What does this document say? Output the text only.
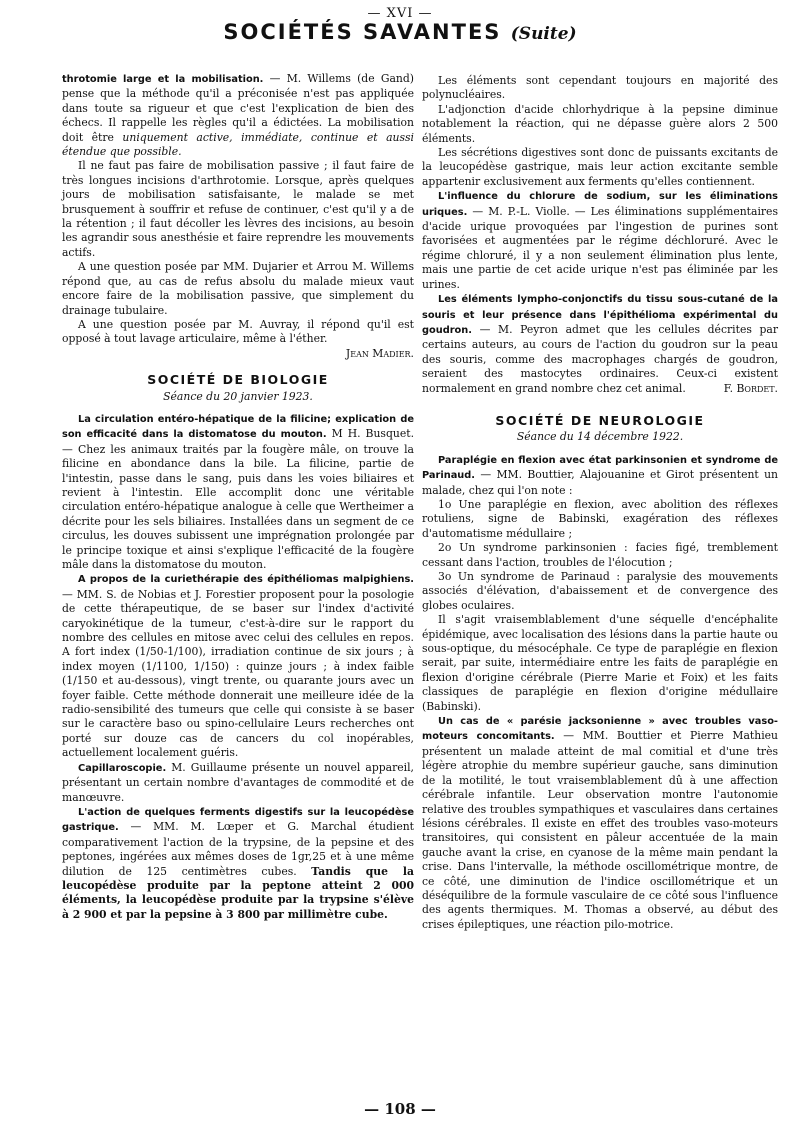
— XVI —
SOCIÉTÉS SAVANTES (Suite)

throtomie large et la mobilisation. — M. Willems (de Gand) pense que la méthode qu'il a préconisée n'est pas appliquée dans toute sa rigueur et que c'est l'explication de bien des échecs. Il rappelle les règles qu'il a édictées. La mobilisation doit être uniquement active, immédiate, continue et aussi étendue que possible.

Il ne faut pas faire de mobilisation passive ; il faut faire de très longues incisions d'arthrotomie. Lorsque, après quelques jours de mobilisation satisfaisante, le malade se met brusquement à souffrir et refuse de continuer, c'est qu'il y a de la rétention ; il faut décoller les lèvres des incisions, au besoin les agrandir sous anesthésie et faire reprendre les mouvements actifs.

A une question posée par MM. Dujarier et Arrou M. Willems répond que, au cas de refus absolu du malade mieux vaut encore faire de la mobilisation passive, que simplement du drainage tubulaire.

A une question posée par M. Auvray, il répond qu'il est opposé à tout lavage articulaire, même à l'éther.

Jean Madier.

SOCIÉTÉ DE BIOLOGIE
Séance du 20 janvier 1923.

La circulation entéro-hépatique de la filicine; explication de son efficacité dans la distomatose du mouton. M H. Busquet. — Chez les animaux traités par la fougère mâle, on trouve la filicine en abondance dans la bile. La filicine, partie de l'intestin, passe dans le sang, puis dans les voies biliaires et revient à l'intestin. Elle accomplit donc une véritable circulation entéro-hépatique analogue à celle que Wertheimer a décrite pour les sels biliaires. Installées dans un segment de ce circulus, les douves subissent une imprégnation prolongée par le principe toxique et ainsi s'explique l'efficacité de la fougère mâle dans la distomatose du mouton.

A propos de la curiethérapie des épithéliomas malpighiens. — MM. S. de Nobias et J. Forestier proposent pour la posologie de cette thérapeutique, de se baser sur l'index d'activité caryokinétique de la tumeur, c'est-à-dire sur le rapport du nombre des cellules en mitose avec celui des cellules en repos. A fort index (1/50-1/100), irradiation continue de six jours ; à index moyen (1/1100, 1/150) : quinze jours ; à index faible (1/150 et au-dessous), vingt trente, ou quarante jours avec un foyer faible. Cette méthode donnerait une meilleure idée de la radio-sensibilité des tumeurs que celle qui consiste à se baser sur le caractère baso ou spino-cellulaire Leurs recherches ont porté sur douze cas de cancers du col inopérables, actuellement localement guéris.

Capillaroscopie. M. Guillaume présente un nouvel appareil, présentant un certain nombre d'avantages de commodité et de manœuvre.

L'action de quelques ferments digestifs sur la leucopédèse gastrique. — MM. M. Lœper et G. Marchal étudient comparativement l'action de la trypsine, de la pepsine et des peptones, ingérées aux mêmes doses de 1gr,25 et à une même dilution de 125 centimètres cubes. Tandis que la leucopédèse produite par la peptone atteint 2 000 éléments, la leucopédèse produite par la trypsine s'élève à 2 900 et par la pepsine à 3 800 par millimètre cube.

Les éléments sont cependant toujours en majorité des polynucléaires.

L'adjonction d'acide chlorhydrique à la pepsine diminue notablement la réaction, qui ne dépasse guère alors 2 500 éléments.

Les sécrétions digestives sont donc de puissants excitants de la leucopédèse gastrique, mais leur action excitante semble appartenir exclusivement aux ferments qu'elles contiennent.

L'influence du chlorure de sodium, sur les éliminations uriques. — M. P.-L. Violle. — Les éliminations supplémentaires d'acide urique provoquées par l'ingestion de purines sont favorisées et augmentées par le régime déchloruré. Avec le régime chloruré, il y a non seulement élimination plus lente, mais une partie de cet acide urique n'est pas éliminée par les urines.

Les éléments lympho-conjonctifs du tissu sous-cutané de la souris et leur présence dans l'épithélioma expérimental du goudron. — M. Peyron admet que les cellules décrites par certains auteurs, au cours de l'action du goudron sur la peau des souris, comme des macrophages chargés de goudron, seraient des mastocytes ordinaires. Ceux-ci existent normalement en grand nombre chez cet animal.	F. Bordet.

SOCIÉTÉ DE NEUROLOGIE
Séance du 14 décembre 1922.

Paraplégie en flexion avec état parkinsonien et syndrome de Parinaud. — MM. Bouttier, Alajouanine et Girot présentent un malade, chez qui l'on note :

1o Une paraplégie en flexion, avec abolition des réflexes rotuliens, signe de Babinski, exagération des réflexes d'automatisme médullaire ;

2o Un syndrome parkinsonien : facies figé, tremblement cessant dans l'action, troubles de l'élocution ;

3o Un syndrome de Parinaud : paralysie des mouvements associés d'élévation, d'abaissement et de convergence des globes oculaires.

Il s'agit vraisemblablement d'une séquelle d'encéphalite épidémique, avec localisation des lésions dans la partie haute ou sous-optique, du mésocéphale. Ce type de paraplégie en flexion serait, par suite, intermédiaire entre les faits de paraplégie en flexion d'origine cérébrale (Pierre Marie et Foix) et les faits classiques de paraplégie en flexion d'origine médullaire (Babinski).

Un cas de « parésie jacksonienne » avec troubles vaso-moteurs concomitants. — MM. Bouttier et Pierre Mathieu présentent un malade atteint de mal comitial et d'une très légère atrophie du membre supérieur gauche, sans diminution de la motilité, le tout vraisemblablement dû à une affection cérébrale infantile. Leur observation montre l'autonomie relative des troubles sympathiques et vasculaires dans certaines lésions cérébrales. Il existe en effet des troubles vaso-moteurs transitoires, qui consistent en pâleur accentuée de la main gauche avant la crise, en cyanose de la même main pendant la crise. Dans l'intervalle, la méthode oscillométrique montre, de ce côté, une diminution de l'indice oscillométrique et un déséquilibre de la formule vasculaire de ce côté sous l'influence des agents thermiques. M. Thomas a observé, au début des crises épileptiques, une réaction pilo-motrice.

— 108 —
